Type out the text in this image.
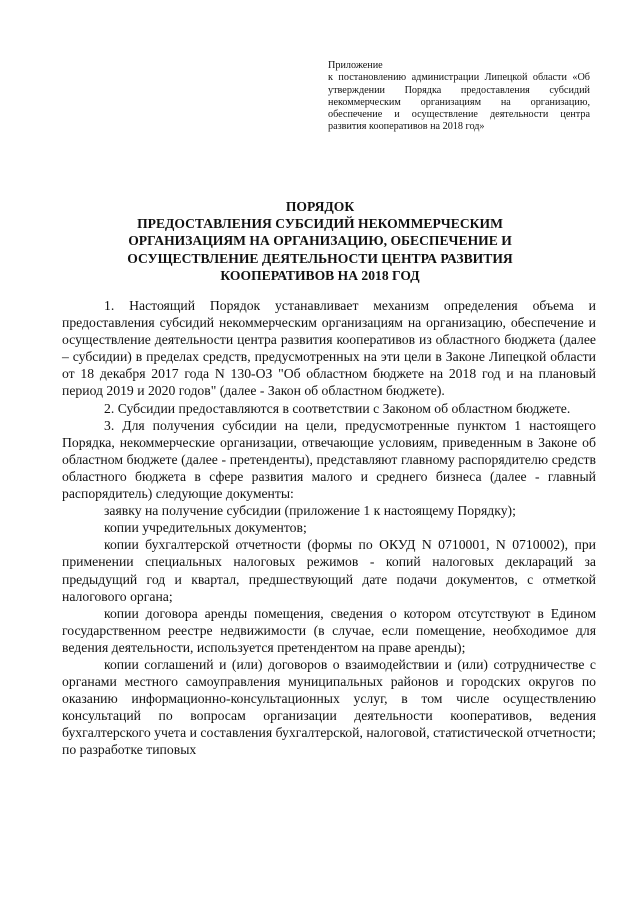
Приложение
к постановлению администрации Липецкой области «Об утверждении Порядка предоставления субсидий некоммерческим организациям на организацию, обеспечение и осуществление деятельности центра развития кооперативов на 2018 год»
ПОРЯДОК
ПРЕДОСТАВЛЕНИЯ СУБСИДИЙ НЕКОММЕРЧЕСКИМ
ОРГАНИЗАЦИЯМ НА ОРГАНИЗАЦИЮ, ОБЕСПЕЧЕНИЕ И
ОСУЩЕСТВЛЕНИЕ ДЕЯТЕЛЬНОСТИ ЦЕНТРА РАЗВИТИЯ
КООПЕРАТИВОВ НА 2018 ГОД

1. Настоящий Порядок устанавливает механизм определения объема и предоставления субсидий некоммерческим организациям на организацию, обеспечение и осуществление деятельности центра развития кооперативов из областного бюджета (далее – субсидии) в пределах средств, предусмотренных на эти цели в Законе Липецкой области от 18 декабря 2017 года N 130-ОЗ "Об областном бюджете на 2018 год и на плановый период 2019 и 2020 годов" (далее - Закон об областном бюджете).

2. Субсидии предоставляются в соответствии с Законом об областном бюджете.

3. Для получения субсидии на цели, предусмотренные пунктом 1 настоящего Порядка, некоммерческие организации, отвечающие условиям, приведенным в Законе об областном бюджете (далее - претенденты), представляют главному распорядителю средств областного бюджета в сфере развития малого и среднего бизнеса (далее - главный распорядитель) следующие документы:

заявку на получение субсидии (приложение 1 к настоящему Порядку);

копии учредительных документов;

копии бухгалтерской отчетности (формы по ОКУД N 0710001, N 0710002), при применении специальных налоговых режимов - копий налоговых деклараций за предыдущий год и квартал, предшествующий дате подачи документов, с отметкой налогового органа;

копии договора аренды помещения, сведения о котором отсутствуют в Едином государственном реестре недвижимости (в случае, если помещение, необходимое для ведения деятельности, используется претендентом на праве аренды);

копии соглашений и (или) договоров о взаимодействии и (или) сотрудничестве с органами местного самоуправления муниципальных районов и городских округов по оказанию информационно-консультационных услуг, в том числе осуществлению консультаций по вопросам организации деятельности кооперативов, ведения бухгалтерского учета и составления бухгалтерской, налоговой, статистической отчетности; по разработке типовых
